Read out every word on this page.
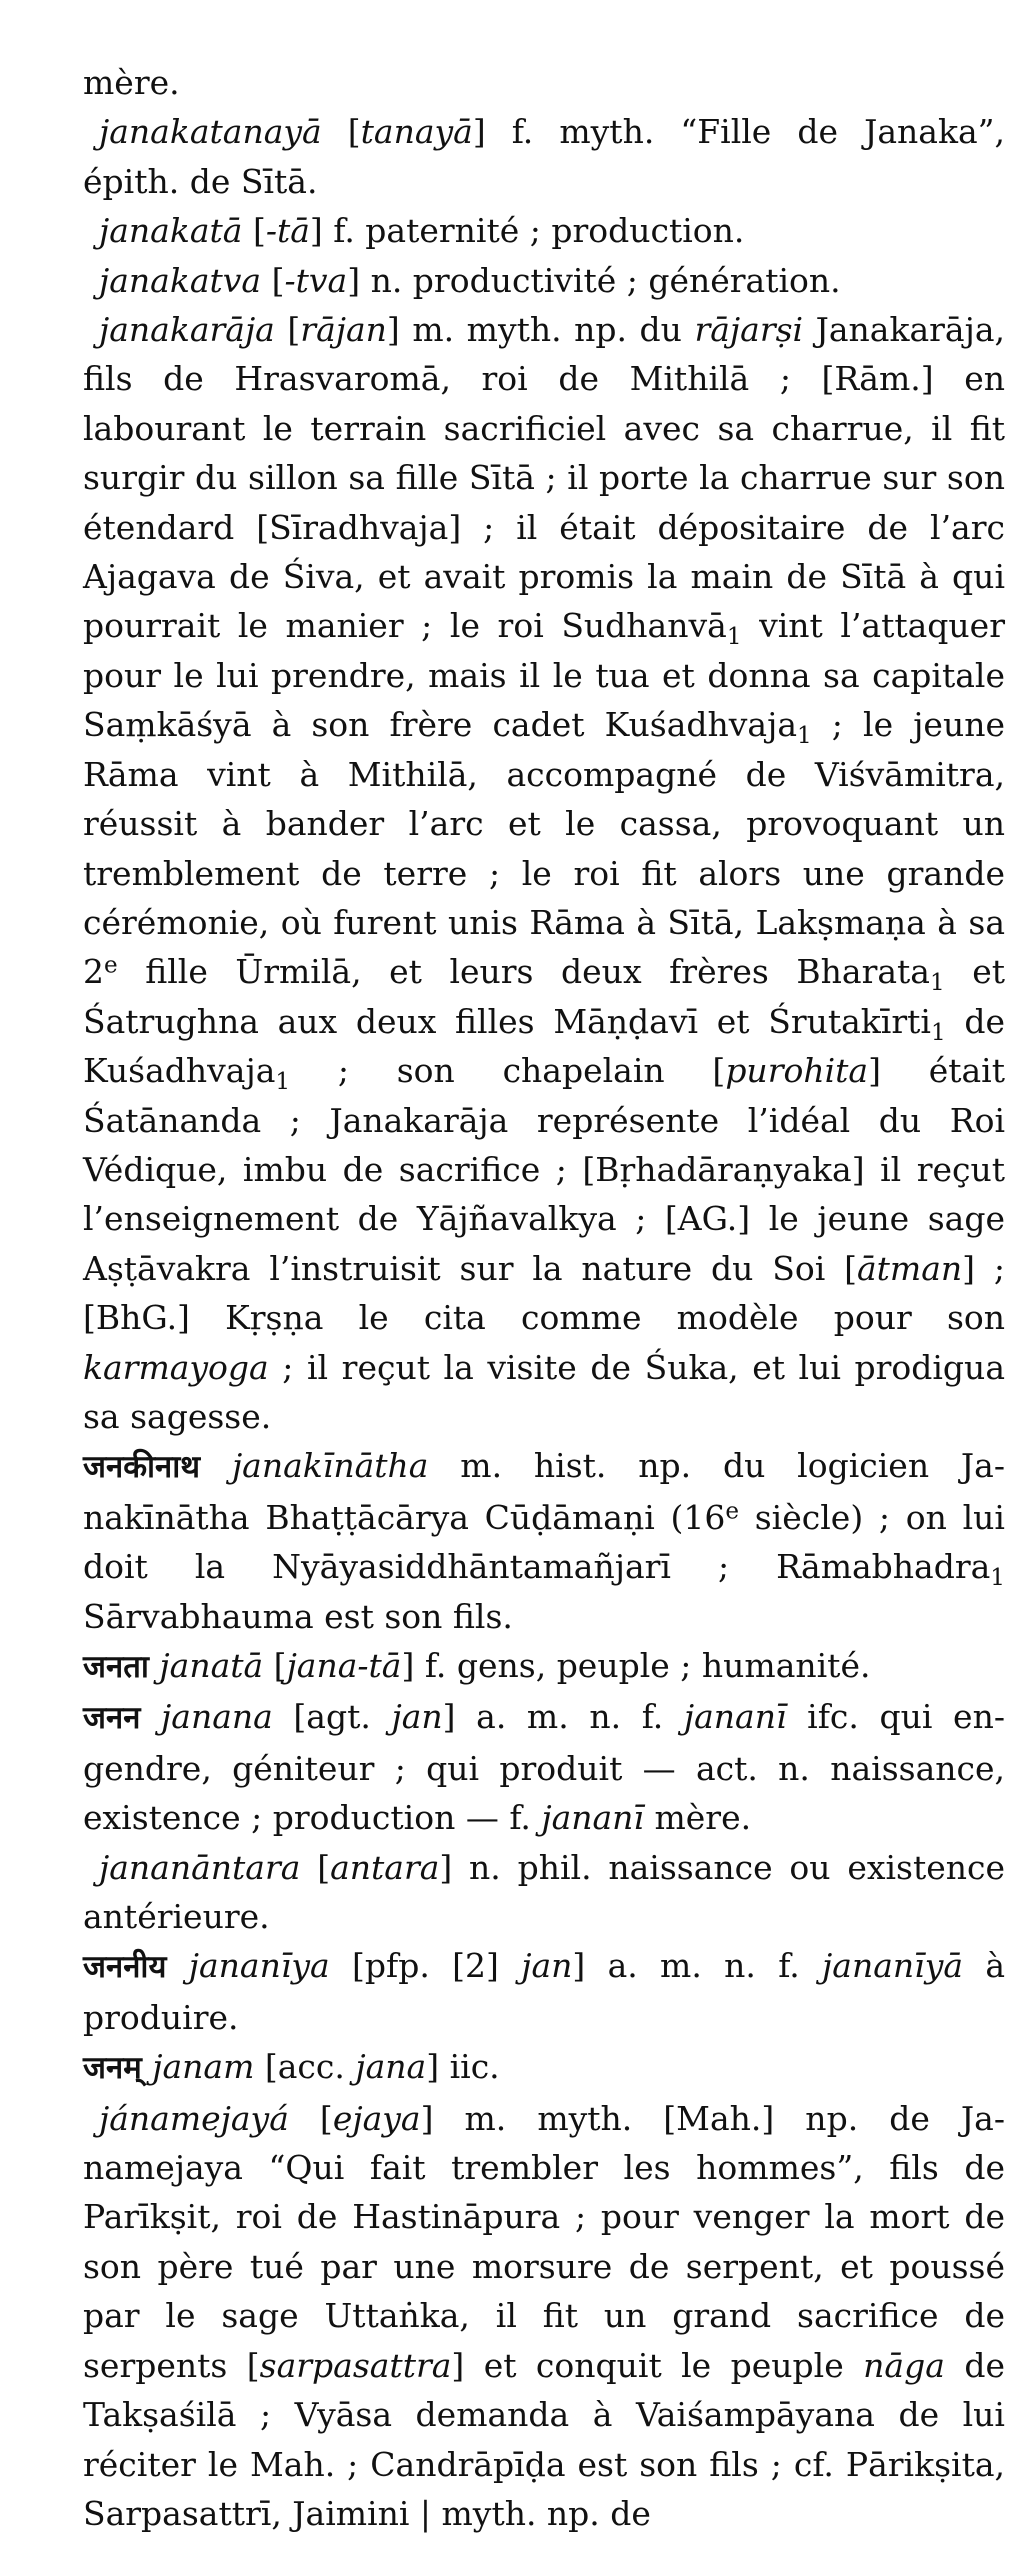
mère.

janakatanayā [tanayā] f. myth. “Fille de Janaka”, épith. de Sītā.

janakatā [-tā] f. paternité ; production.

janakatva [-tva] n. productivité ; génération.

janakarāja [rājan] m. myth. np. du rājarṣi Janakarāja, fils de Hrasvaromā, roi de Mithilā ; [Rām.] en labourant le terrain sacrificiel avec sa charrue, il fit surgir du sillon sa fille Sītā ; il porte la charrue sur son étendard [Sīradhvaja] ; il était dépositaire de l’arc Ajagava de Śiva, et avait promis la main de Sītā à qui pourrait le manier ; le roi Sudhanvā$_1$ vint l’attaquer pour le lui prendre, mais il le tua et donna sa capitale Saṃkāśyā à son frère cadet Kuśadhvaja$_1$ ; le jeune Rāma vint à Mithilā, accompagné de Viśvāmitra, réussit à bander l’arc et le cassa, provoquant un tremblement de terre ; le roi fit alors une grande cérémonie, où furent unis Rāma à Sītā, Lakṣmaṇa à sa 2e fille Ūrmilā, et leurs deux frères Bharata$_1$ et Śatrughna aux deux filles Māṇḍavī et Śrutakīrti$_1$ de Kuśadhvaja$_1$ ; son chapelain [purohita] était Śatānanda ; Janakarāja représente l’idéal du Roi Védique, imbu de sacrifice ; [Bṛhadāraṇyaka] il reçut l’enseignement de Yājñavalkya ; [AG.] le jeune sage Aṣṭāvakra l’instruisit sur la nature du Soi [ātman] ; [BhG.] Kṛṣṇa le cita comme modèle pour son karmayoga ; il reçut la visite de Śuka, et lui prodigua sa sagesse.

जनकीनाथ janakīnātha m. hist. np. du logicien Janakīnātha Bhaṭṭācārya Cūḍāmaṇi (16e siècle) ; on lui doit la Nyāyasiddhāntamañjarī ; Rāmabhadra$_1$ Sārvabhauma est son fils.

जनता janatā [jana-tā] f. gens, peuple ; humanité.

जनन janana [agt. jan] a. m. n. f. jananī ifc. qui engendre, géniteur ; qui produit — act. n. naissance, existence ; production — f. jananī mère.

jananāntara [antara] n. phil. naissance ou existence antérieure.

जननीय jananīya [pfp. [2] jan] a. m. n. f. jananīyā à produire.

जनम् janam [acc. jana] iic.

jánamejayá [ejaya] m. myth. [Mah.] np. de Janamejaya “Qui fait trembler les hommes”, fils de Parīkṣit, roi de Hastināpura ; pour venger la mort de son père tué par une morsure de serpent, et poussé par le sage Uttaṅka, il fit un grand sacrifice de serpents [sarpasattra] et conquit le peuple nāga de Takṣaśilā ; Vyāsa demanda à Vaiśampāyana de lui réciter le Mah. ; Candrāpīḍa est son fils ; cf. Pārikṣita, Sarpasattrī, Jaimini | myth. np. de
